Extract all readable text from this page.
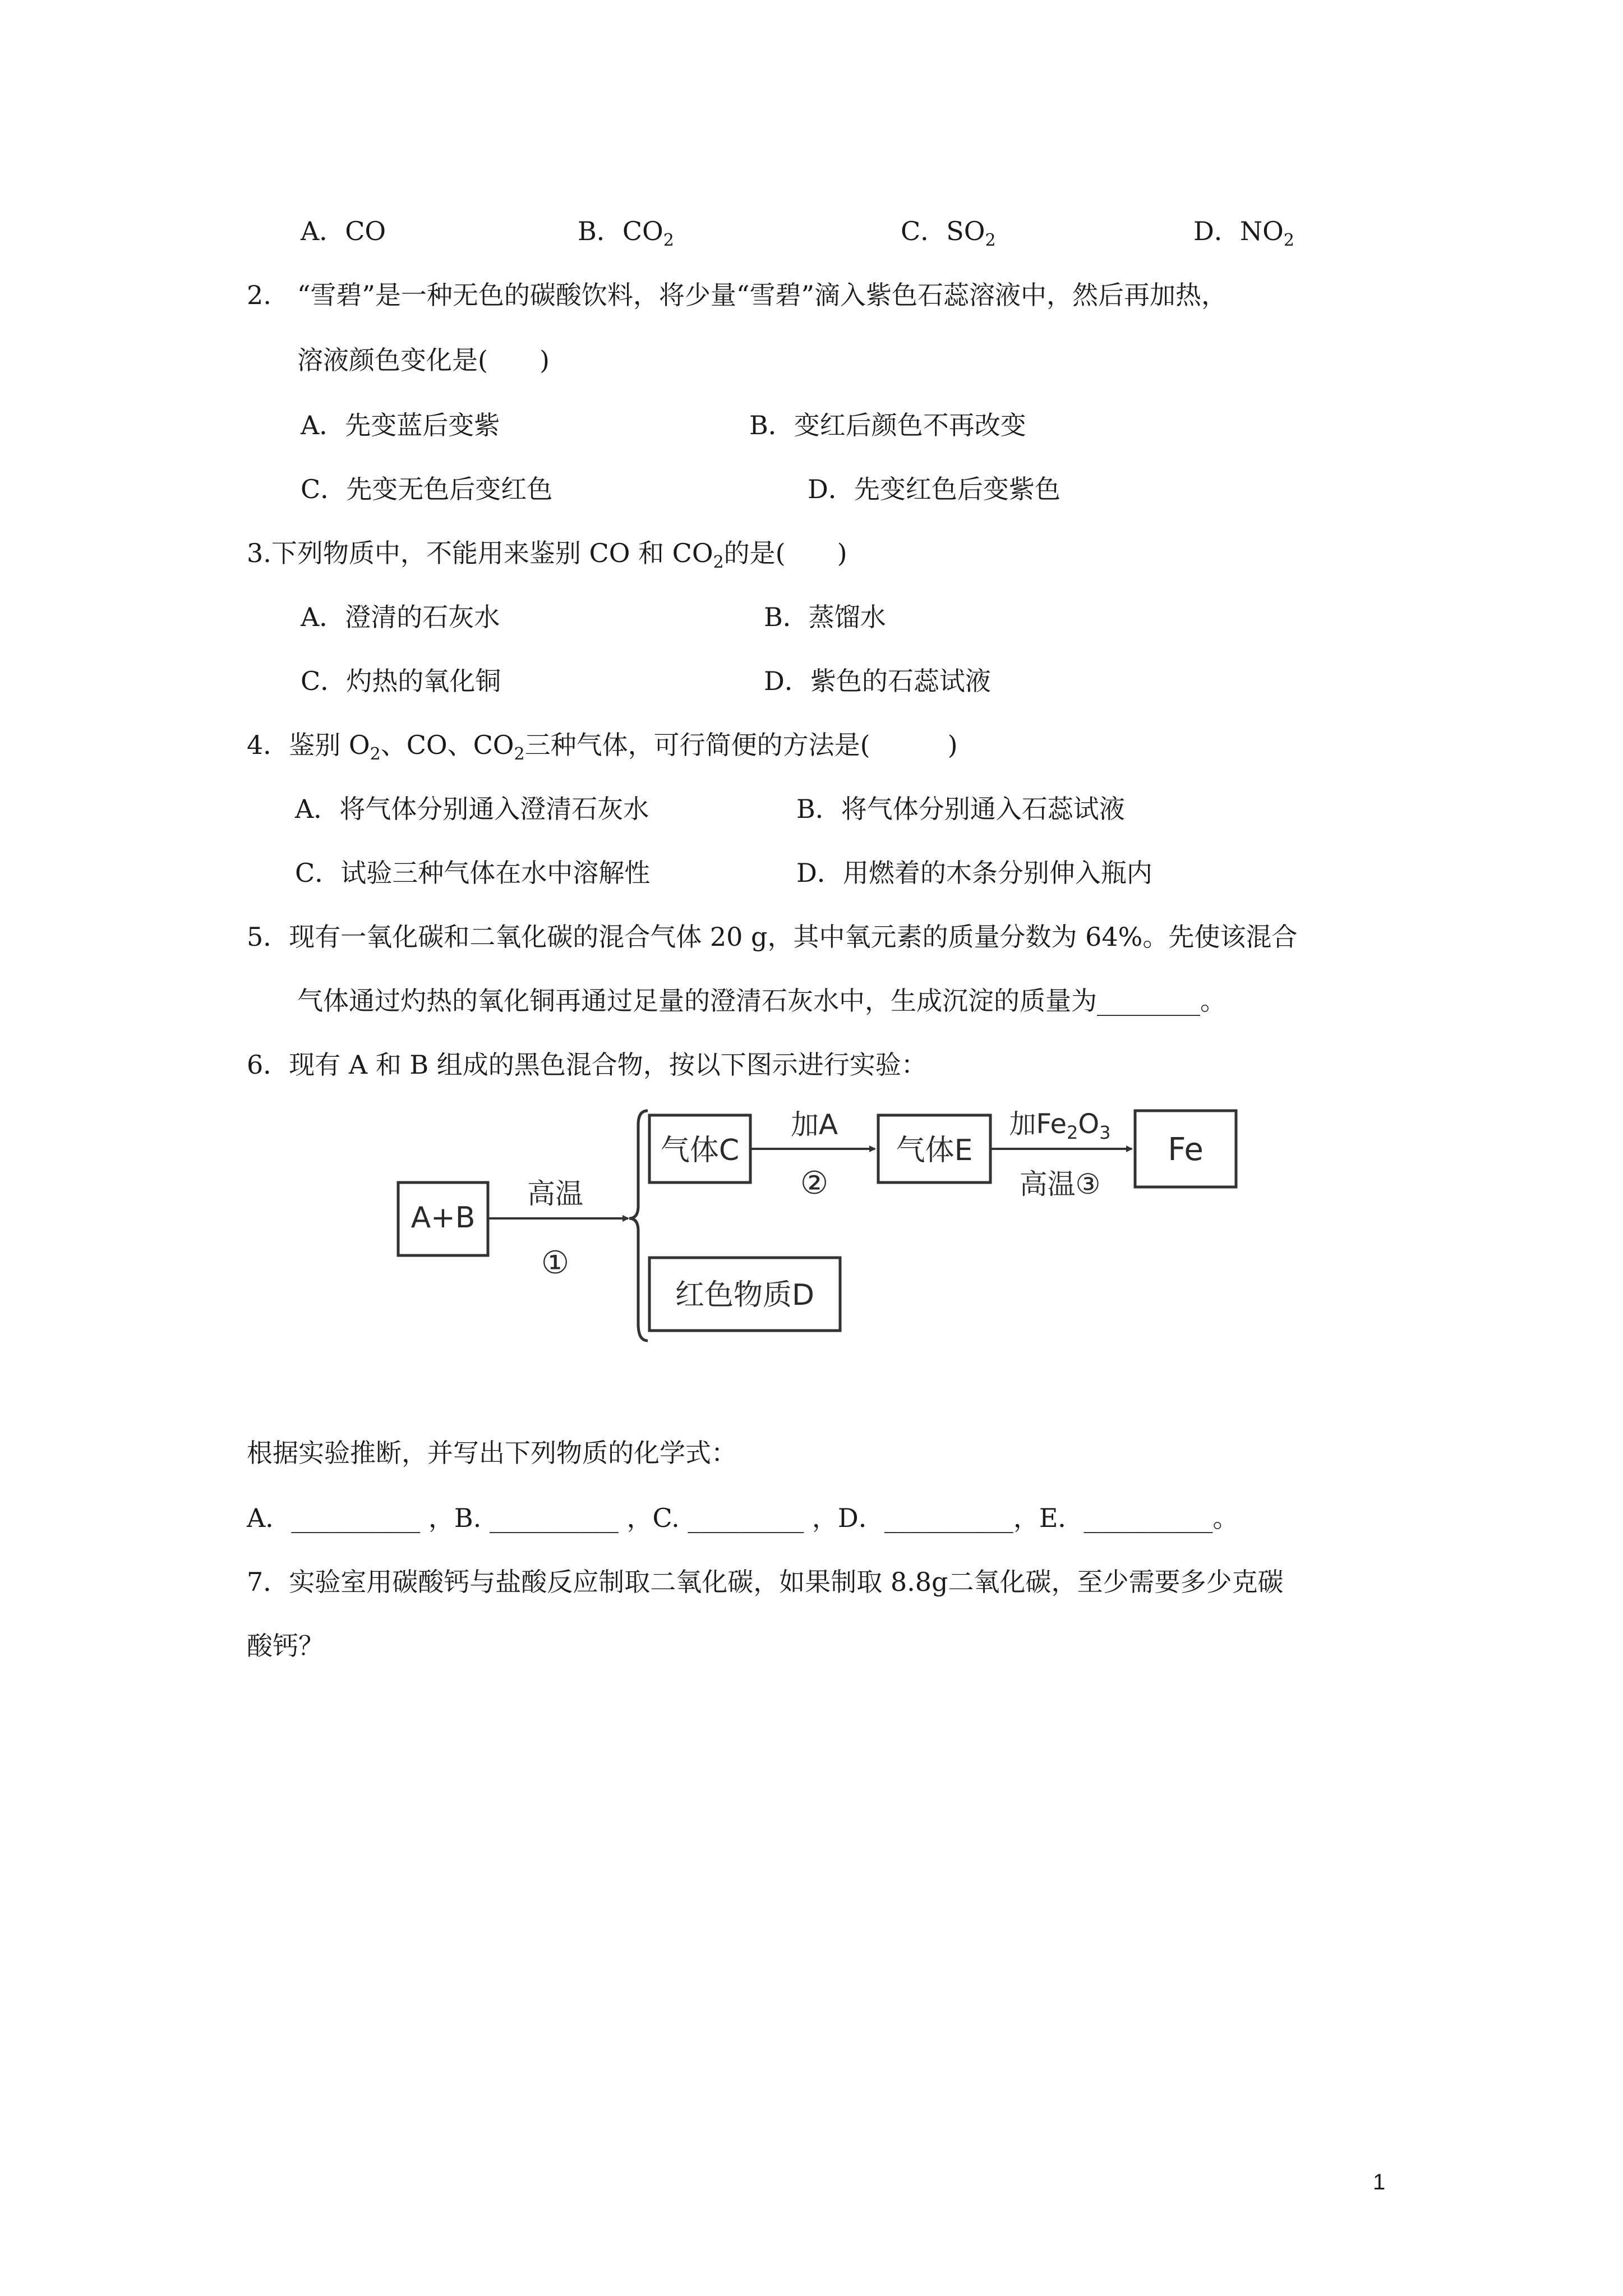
A．CO	B．$CO_2$	C．$SO_2$	D．$NO_2$
2.　“雪碧”是一种无色的碳酸饮料，将少量“雪碧”滴入紫色石蕊溶液中，然后再加热，
溶液颜色变化是(　　)
A．先变蓝后变紫	B．变红后颜色不再改变
C．先变无色后变红色	D．先变红色后变紫色
3.下列物质中，不能用来鉴别 CO 和 $CO_2$的是(　　)
A．澄清的石灰水	B．蒸馏水
C．灼热的氧化铜	D．紫色的石蕊试液
4．鉴别 $O_2$、CO、$CO_2$三种气体，可行简便的方法是(　　　)
A．将气体分别通入澄清石灰水	B．将气体分别通入石蕊试液
C．试验三种气体在水中溶解性	D．用燃着的木条分别伸入瓶内
5．现有一氧化碳和二氧化碳的混合气体 20 g，其中氧元素的质量分数为 64%。先使该混合
气体通过灼热的氧化铜再通过足量的澄清石灰水中，生成沉淀的质量为________。
6．现有 A 和 B 组成的黑色混合物，按以下图示进行实验：
A+B
高温
①
气体C
加A
②
气体E
加$Fe_2O_3$
高温③
Fe
红色物质D
根据实验推断，并写出下列物质的化学式：
A．__________ ，B. __________ ，C. _________ ，D．__________，E．__________。
7．实验室用碳酸钙与盐酸反应制取二氧化碳，如果制取 8.8g二氧化碳，至少需要多少克碳
酸钙？
1
